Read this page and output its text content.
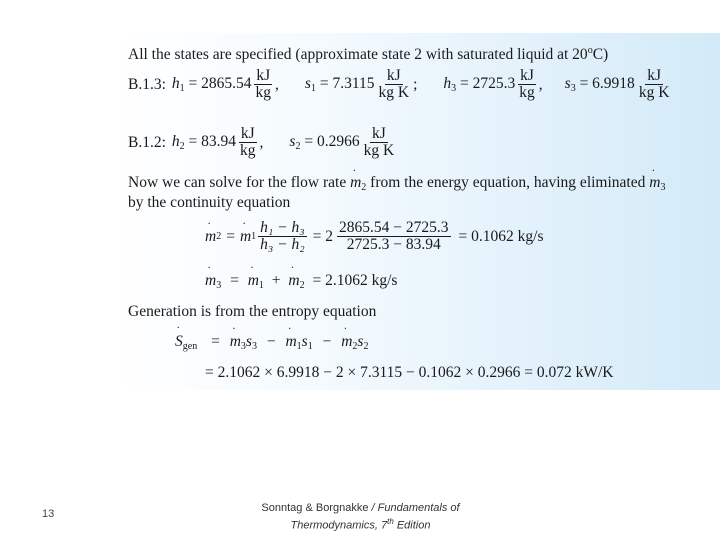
All the states are specified (approximate state 2 with saturated liquid at 20$^o$C)
B.1.3: $h_1 = 2865.54 \frac{kJ}{kg}$ , $s_1 = 7.3115 \frac{kJ}{\text{kg K}}$ ; $h_3 = 2725.3 \frac{kJ}{kg}$ , $s_3 = 6.9918 \frac{kJ}{\text{kg K}}$
B.1.2: $h_2 = 83.94 \frac{kJ}{kg}$ , $s_2 = 0.2966 \frac{kJ}{\text{kg K}}$
Now we can solve for the flow rate m $˙_2$ from the energy equation, having eliminated m $˙_3$
by the continuity equation
m ˙ 2 = m ˙ $1 \frac{\text{h₁ − h₃}}{\text{h₃ − h₂}} = 2 \frac{2865.54 - 2725.3}{2725.3 - 83.94} = 0.1062$ kg/s
m $˙_3 = m$ $˙_1 + m$ $˙_2 = 2.1062$ kg/s
Generation is from the entropy equation
S $˙_{gen} = m$ $˙_3s_3 - m$ $˙_1s_1 - m$ $˙_2s_2$
= 2.1062 × 6.9918 − 2 × 7.3115 − 0.1062 × 0.2966 = 0.072 kW/K
13	Sonntag & Borgnakke / Fundamentals of
Thermodynamics, 7th Edition
